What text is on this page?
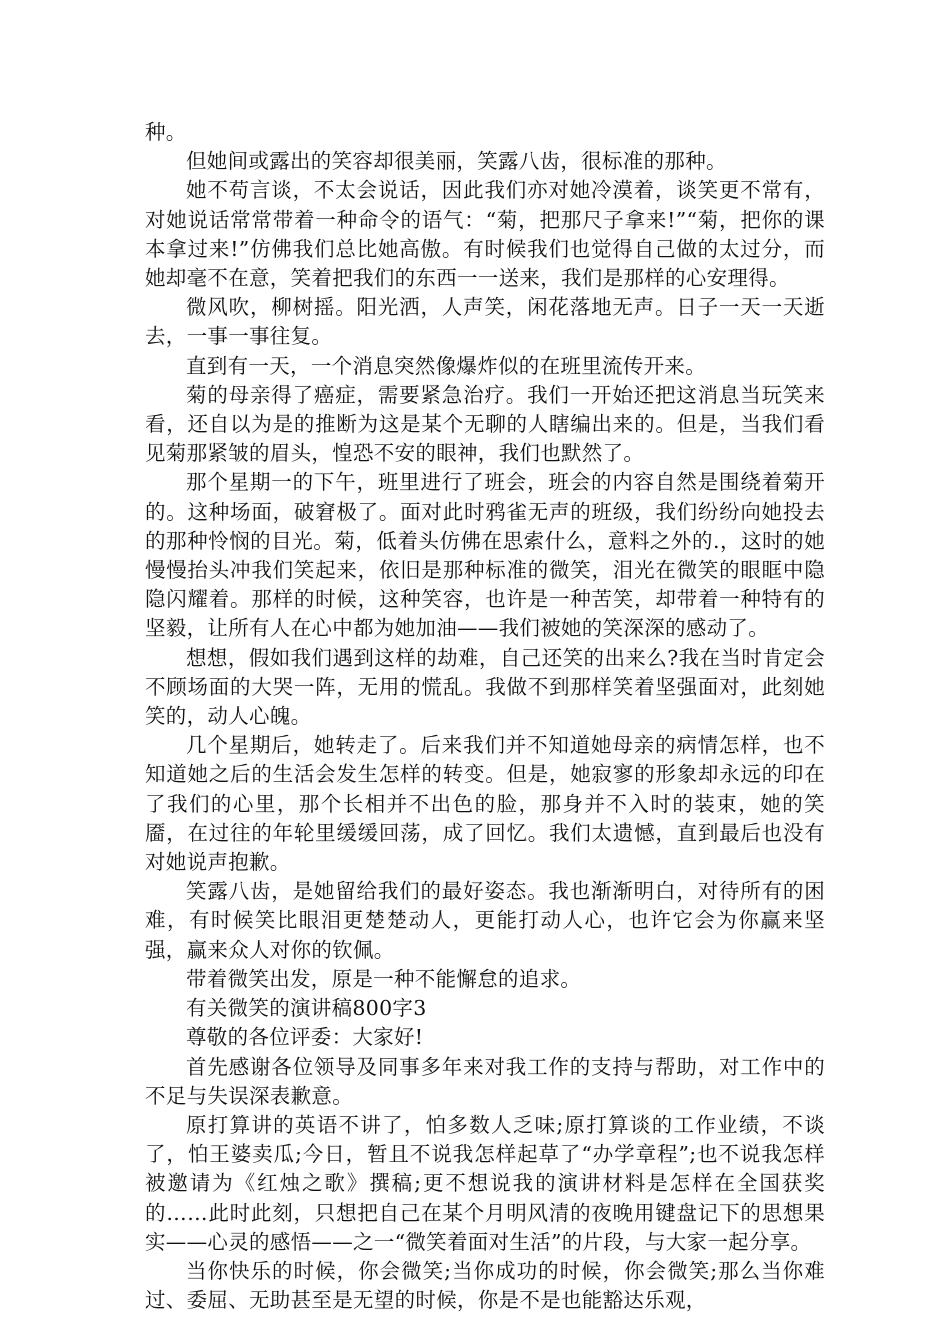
种。

但她间或露出的笑容却很美丽，笑露八齿，很标准的那种。

她不苟言谈，不太会说话，因此我们亦对她冷漠着，谈笑更不常有，对她说话常常带着一种命令的语气：“菊，把那尺子拿来!”“菊，把你的课本拿过来!”仿佛我们总比她高傲。有时候我们也觉得自己做的太过分，而她却毫不在意，笑着把我们的东西一一送来，我们是那样的心安理得。

微风吹，柳树摇。阳光洒，人声笑，闲花落地无声。日子一天一天逝去，一事一事往复。

直到有一天，一个消息突然像爆炸似的在班里流传开来。

菊的母亲得了癌症，需要紧急治疗。我们一开始还把这消息当玩笑来看，还自以为是的推断为这是某个无聊的人瞎编出来的。但是，当我们看见菊那紧皱的眉头，惶恐不安的眼神，我们也默然了。

那个星期一的下午，班里进行了班会，班会的内容自然是围绕着菊开的。这种场面，破窘极了。面对此时鸦雀无声的班级，我们纷纷向她投去的那种怜悯的目光。菊，低着头仿佛在思索什么，意料之外的.，这时的她慢慢抬头冲我们笑起来，依旧是那种标准的微笑，泪光在微笑的眼眶中隐隐闪耀着。那样的时候，这种笑容，也许是一种苦笑，却带着一种特有的坚毅，让所有人在心中都为她加油——我们被她的笑深深的感动了。

想想，假如我们遇到这样的劫难，自己还笑的出来么?我在当时肯定会不顾场面的大哭一阵，无用的慌乱。我做不到那样笑着坚强面对，此刻她笑的，动人心魄。

几个星期后，她转走了。后来我们并不知道她母亲的病情怎样，也不知道她之后的生活会发生怎样的转变。但是，她寂寥的形象却永远的印在了我们的心里，那个长相并不出色的脸，那身并不入时的装束，她的笑靥，在过往的年轮里缓缓回荡，成了回忆。我们太遗憾，直到最后也没有对她说声抱歉。

笑露八齿，是她留给我们的最好姿态。我也渐渐明白，对待所有的困难，有时候笑比眼泪更楚楚动人，更能打动人心，也许它会为你赢来坚强，赢来众人对你的钦佩。

带着微笑出发，原是一种不能懈怠的追求。

有关微笑的演讲稿800字3

尊敬的各位评委：大家好!

首先感谢各位领导及同事多年来对我工作的支持与帮助，对工作中的不足与失误深表歉意。

原打算讲的英语不讲了，怕多数人乏味;原打算谈的工作业绩，不谈了，怕王婆卖瓜;今日，暂且不说我怎样起草了“办学章程”;也不说我怎样被邀请为《红烛之歌》撰稿;更不想说我的演讲材料是怎样在全国获奖的……此时此刻，只想把自己在某个月明风清的夜晚用键盘记下的思想果实——心灵的感悟——之一“微笑着面对生活”的片段，与大家一起分享。

当你快乐的时候，你会微笑;当你成功的时候，你会微笑;那么当你难过、委屈、无助甚至是无望的时候，你是不是也能豁达乐观，
